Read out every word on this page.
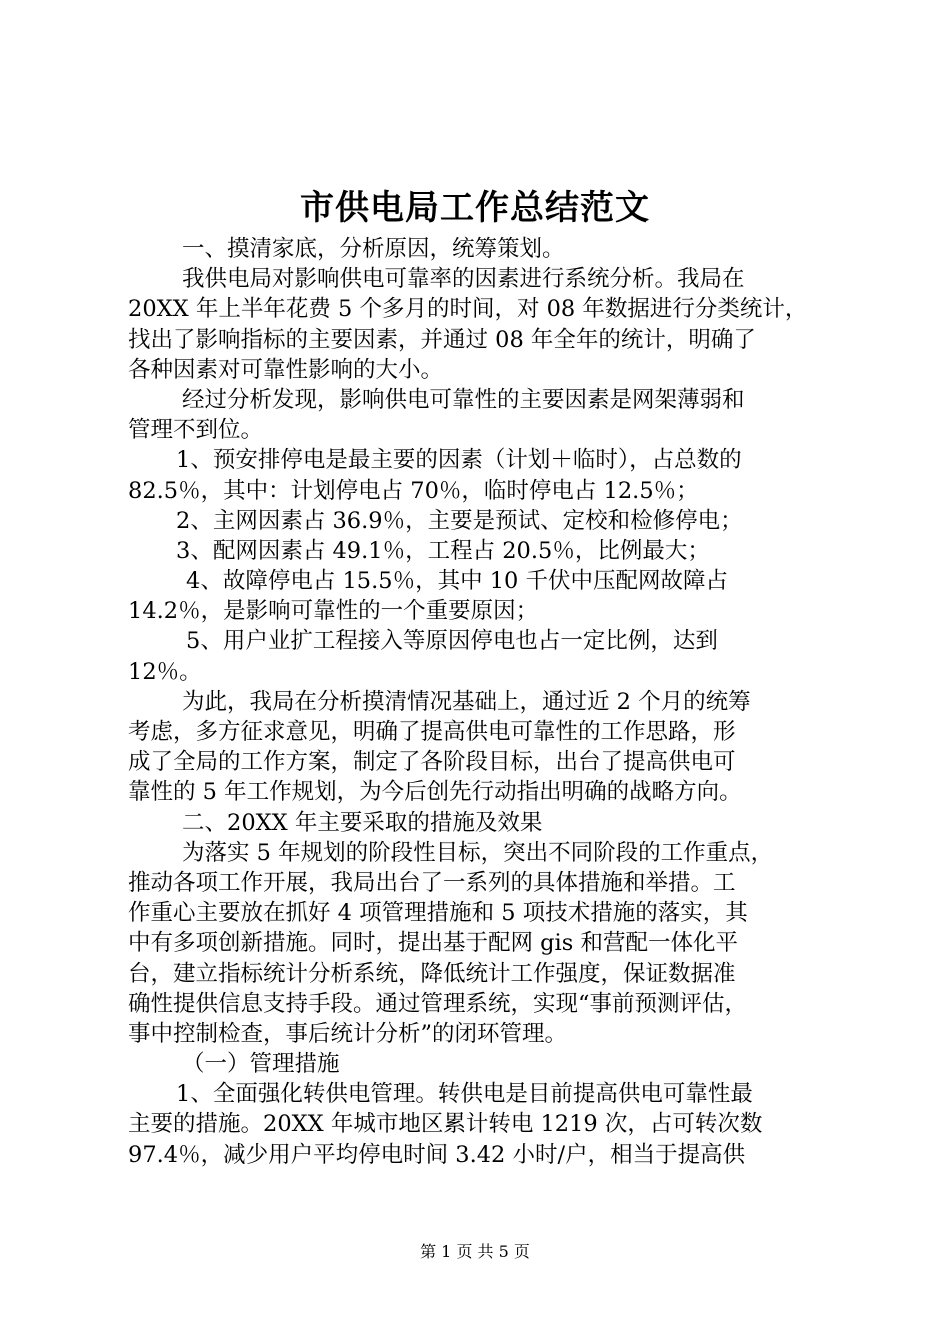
市供电局工作总结范文
一、摸清家底，分析原因，统筹策划。
我供电局对影响供电可靠率的因素进行系统分析。我局在
20XX 年上半年花费 5 个多月的时间，对 08 年数据进行分类统计，
找出了影响指标的主要因素，并通过 08 年全年的统计，明确了
各种因素对可靠性影响的大小。
经过分析发现，影响供电可靠性的主要因素是网架薄弱和
管理不到位。
1、预安排停电是最主要的因素（计划＋临时），占总数的
82.5％，其中：计划停电占 70％，临时停电占 12.5％；
2、主网因素占 36.9％，主要是预试、定校和检修停电；
3、配网因素占 49.1％，工程占 20.5％，比例最大；
4、故障停电占 15.5％，其中 10 千伏中压配网故障占
14.2％，是影响可靠性的一个重要原因；
5、用户业扩工程接入等原因停电也占一定比例，达到
12％。
为此，我局在分析摸清情况基础上，通过近 2 个月的统筹
考虑，多方征求意见，明确了提高供电可靠性的工作思路，形
成了全局的工作方案，制定了各阶段目标，出台了提高供电可
靠性的 5 年工作规划，为今后创先行动指出明确的战略方向。
二、20XX 年主要采取的措施及效果
为落实 5 年规划的阶段性目标，突出不同阶段的工作重点，
推动各项工作开展，我局出台了一系列的具体措施和举措。工
作重心主要放在抓好 4 项管理措施和 5 项技术措施的落实，其
中有多项创新措施。同时，提出基于配网 gis 和营配一体化平
台，建立指标统计分析系统，降低统计工作强度，保证数据准
确性提供信息支持手段。通过管理系统，实现“事前预测评估，
事中控制检查，事后统计分析”的闭环管理。
（一）管理措施
1、全面强化转供电管理。转供电是目前提高供电可靠性最
主要的措施。20XX 年城市地区累计转电 1219 次，占可转次数
97.4％，减少用户平均停电时间 3.42 小时/户，相当于提高供
第 1 页 共 5 页
